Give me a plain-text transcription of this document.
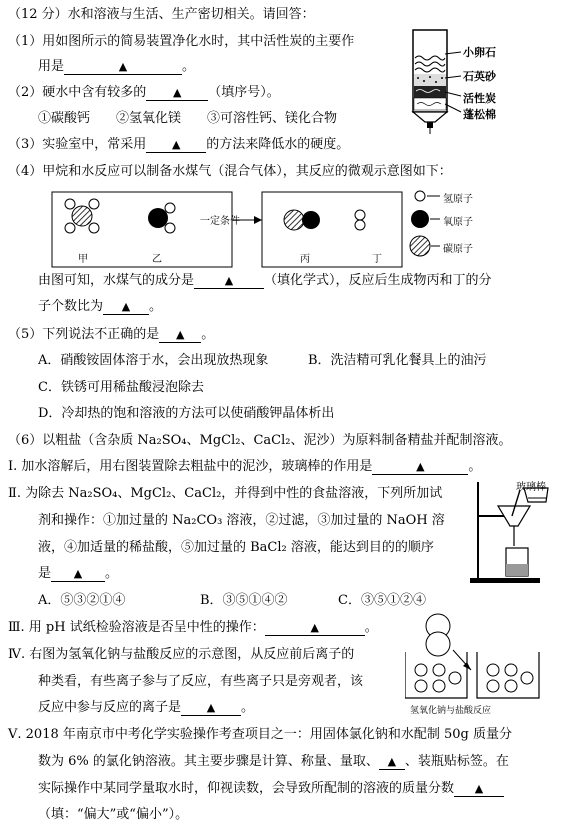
（12 分）水和溶液与生活、生产密切相关。请回答：
（1）用如图所示的简易装置净化水时，其中活性炭的主要作
用是	▲	。
小卵石
石英砂
活性炭
蓬松棉
（2）硬水中含有较多的 ▲ （填序号）。
①碳酸钙　　②氢氧化镁　　③可溶性钙、镁化合物
（3）实验室中，常采用 ▲ 的方法来降低水的硬度。
（4）甲烷和水反应可以制备水煤气（混合气体），其反应的微观示意图如下：
一定条件
甲	乙	丙	丁
氢原子
氧原子
碳原子
由图可知，水煤气的成分是	▲ （填化学式），反应后生成物丙和丁的分
子个数比为 ▲ 。
（5）下列说法不正确的是 ▲ 。
A．硝酸铵固体溶于水，会出现放热现象	B．洗洁精可乳化餐具上的油污
C．铁锈可用稀盐酸浸泡除去
D．冷却热的饱和溶液的方法可以使硝酸钾晶体析出
（6）以粗盐（含杂质 Na₂SO₄、MgCl₂、CaCl₂、泥沙）为原料制备精盐并配制溶液。
Ⅰ. 加水溶解后，用右图装置除去粗盐中的泥沙，玻璃棒的作用是	▲	。
玻璃棒
Ⅱ. 为除去 Na₂SO₄、MgCl₂、CaCl₂，并得到中性的食盐溶液，下列所加试
剂和操作：①加过量的 Na₂CO₃ 溶液，②过滤，③加过量的 NaOH 溶
液，④加适量的稀盐酸，⑤加过量的 BaCl₂ 溶液，能达到目的的顺序
是 ▲ 。
A．⑤③②①④	B．③⑤①④②	C．③⑤①②④
Ⅲ. 用 pH 试纸检验溶液是否呈中性的操作：	▲	。
氢氧化钠与盐酸反应
Ⅳ. 右图为氢氧化钠与盐酸反应的示意图，从反应前后离子的
种类看，有些离子参与了反应，有些离子只是旁观者，该
反应中参与反应的离子是 ▲ 。
Ⅴ. 2018 年南京市中考化学实验操作考查项目之一：用固体氯化钠和水配制 50g 质量分
数为 6% 的氯化钠溶液。其主要步骤是计算、称量、量取、 ▲ 、装瓶贴标签。在
实际操作中某同学量取水时，仰视读数，会导致所配制的溶液的质量分数 ▲
（填：“偏大”或“偏小”）。
